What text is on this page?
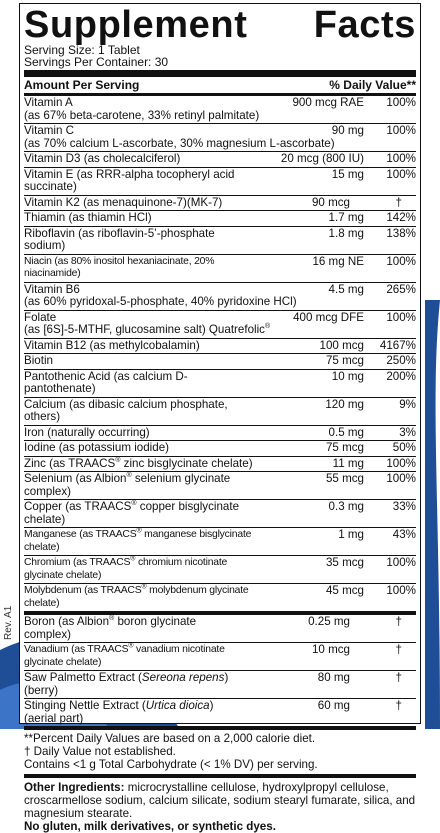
Rev. A1
Supplement Facts
Serving Size: 1 Tablet
Servings Per Container: 30
Amount Per Serving	% Daily Value**
Vitamin A	900 mcg RAE	100%
(as 67% beta-carotene, 33% retinyl palmitate)
Vitamin C	90 mg	100%
(as 70% calcium L-ascorbate, 30% magnesium L-ascorbate)
Vitamin D3 (as cholecalciferol)	20 mcg (800 IU)	100%
Vitamin E (as RRR-alpha tocopheryl acid succinate)
15 mg	100%
Vitamin K2 (as menaquinone-7)(MK-7)	90 mcg	†
Thiamin (as thiamin HCl)	1.7 mg	142%
Riboflavin (as riboflavin-5’-phosphate sodium)
1.8 mg	138%
Niacin (as 80% inositol hexaniacinate, 20% niacinamide)
16 mg NE	100%
Vitamin B6	4.5 mg	265%
(as 60% pyridoxal-5-phosphate, 40% pyridoxine HCl)
Folate	400 mcg DFE	100%
(as [6S]-5-MTHF, glucosamine salt) Quatrefolic®
Vitamin B12 (as methylcobalamin)	100 mcg	4167%
Biotin	75 mcg	250%
Pantothenic Acid (as calcium D-pantothenate)
10 mg	200%
Calcium (as dibasic calcium phosphate, others)
120 mg	9%
Iron (naturally occurring)	0.5 mg	3%
Iodine (as potassium iodide)	75 mcg	50%
Zinc (as TRAACS® zinc bisglycinate chelate)	11 mg	100%
Selenium (as Albion® selenium glycinate complex)
55 mcg	100%
Copper (as TRAACS® copper bisglycinate chelate)
0.3 mg	33%
Manganese (as TRAACS® manganese bisglycinate chelate)
1 mg	43%
Chromium (as TRAACS® chromium nicotinate glycinate chelate)
35 mcg	100%
Molybdenum (as TRAACS® molybdenum glycinate chelate)
45 mcg	100%
Boron (as Albion® boron glycinate complex)
0.25 mg	†
Vanadium (as TRAACS® vanadium nicotinate glycinate chelate)
10 mcg	†
Saw Palmetto Extract (Sereona repens) (berry)
80 mg	†
Stinging Nettle Extract (Urtica dioica) (aerial part)
60 mg	†
**Percent Daily Values are based on a 2,000 calorie diet.
† Daily Value not established.
Contains <1 g Total Carbohydrate (< 1% DV) per serving.
Other Ingredients: microcrystalline cellulose, hydroxylpropyl cellulose, croscarmellose sodium, calcium silicate, sodium stearyl fumarate, silica, and magnesium stearate.
No gluten, milk derivatives, or synthetic dyes.
